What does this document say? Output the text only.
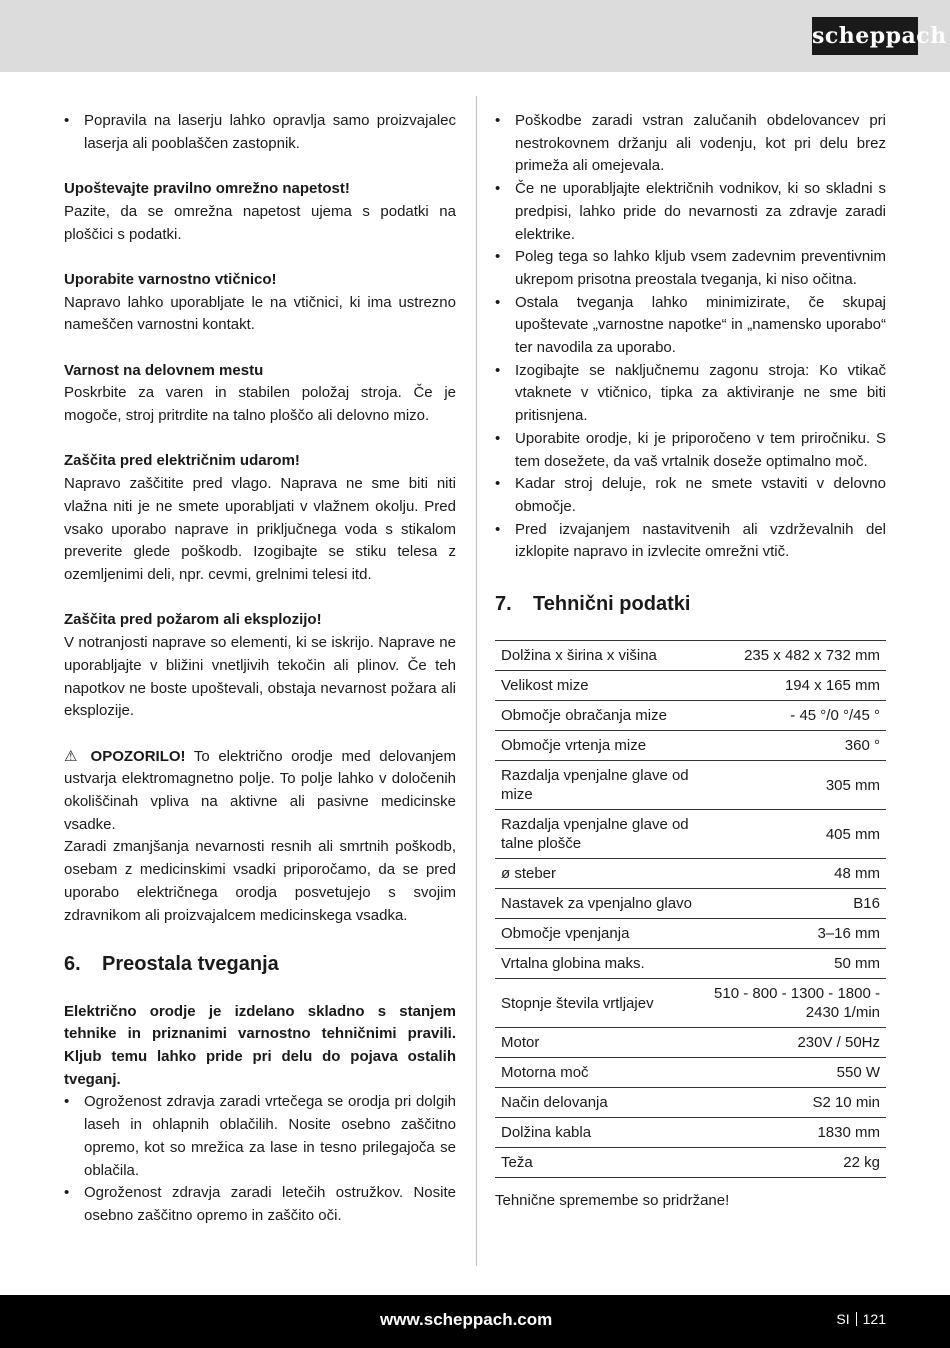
scheppach
• Popravila na laserju lahko opravlja samo proizvajalec laserja ali pooblaščen zastopnik.

Upoštevajte pravilno omrežno napetost!

Pazite, da se omrežna napetost ujema s podatki na ploščici s podatki.

Uporabite varnostno vtičnico!

Napravo lahko uporabljate le na vtičnici, ki ima ustrezno nameščen varnostni kontakt.

Varnost na delovnem mestu

Poskrbite za varen in stabilen položaj stroja. Če je mogoče, stroj pritrdite na talno ploščo ali delovno mizo.

Zaščita pred električnim udarom!

Napravo zaščitite pred vlago. Naprava ne sme biti niti vlažna niti je ne smete uporabljati v vlažnem okolju. Pred vsako uporabo naprave in priključnega voda s stikalom preverite glede poškodb. Izogibajte se stiku telesa z ozemljenimi deli, npr. cevmi, grelnimi telesi itd.

Zaščita pred požarom ali eksplozijo!

V notranjosti naprave so elementi, ki se iskrijo. Naprave ne uporabljajte v bližini vnetljivih tekočin ali plinov. Če teh napotkov ne boste upoštevali, obstaja nevarnost požara ali eksplozije.

⚠ OPOZORILO! To električno orodje med delovanjem ustvarja elektromagnetno polje. To polje lahko v določenih okoliščinah vpliva na aktivne ali pasivne medicinske vsadke.

Zaradi zmanjšanja nevarnosti resnih ali smrtnih poškodb, osebam z medicinskimi vsadki priporočamo, da se pred uporabo električnega orodja posvetujejo s svojim zdravnikom ali proizvajalcem medicinskega vsadka.

6.	Preostala tveganja

Električno orodje je izdelano skladno s stanjem tehnike in priznanimi varnostno tehničnimi pravili. Kljub temu lahko pride pri delu do pojava ostalih tveganj.

• Ogroženost zdravja zaradi vrtečega se orodja pri dolgih laseh in ohlapnih oblačilih. Nosite osebno zaščitno opremo, kot so mrežica za lase in tesno prilegajoča se oblačila.
• Ogroženost zdravja zaradi letečih ostružkov. Nosite osebno zaščitno opremo in zaščito oči.
• Poškodbe zaradi vstran zalučanih obdelovancev pri nestrokovnem držanju ali vodenju, kot pri delu brez primeža ali omejevala.
• Če ne uporabljajte električnih vodnikov, ki so skladni s predpisi, lahko pride do nevarnosti za zdravje zaradi elektrike.
• Poleg tega so lahko kljub vsem zadevnim preventivnim ukrepom prisotna preostala tveganja, ki niso očitna.
• Ostala tveganja lahko minimizirate, če skupaj upoštevate „varnostne napotke“ in „namensko uporabo“ ter navodila za uporabo.
• Izogibajte se naključnemu zagonu stroja: Ko vtikač vtaknete v vtičnico, tipka za aktiviranje ne sme biti pritisnjena.
• Uporabite orodje, ki je priporočeno v tem priročniku. S tem dosežete, da vaš vrtalnik doseže optimalno moč.
• Kadar stroj deluje, rok ne smete vstaviti v delovno območje.
• Pred izvajanjem nastavitvenih ali vzdrževalnih del izklopite napravo in izvlecite omrežni vtič.
7.	Tehnični podatki
Dolžina x širina x višina	235 x 482 x 732 mm
Velikost mize	194 x 165 mm
Območje obračanja mize	- 45 °/0 °/45 °
Območje vrtenja mize	360 °
Razdalja vpenjalne glave od mize	305 mm
Razdalja vpenjalne glave od talne plošče	405 mm
ø steber	48 mm
Nastavek za vpenjalno glavo	B16
Območje vpenjanja	3–16 mm
Vrtalna globina maks.	50 mm
Stopnje števila vrtljajev	510 - 800 - 1300 - 1800 - 2430 1/min
Motor	230V / 50Hz
Motorna moč	550 W
Način delovanja	S2 10 min
Dolžina kabla	1830 mm
Teža	22 kg

Tehnične spremembe so pridržane!

www.scheppach.com	SI 121
